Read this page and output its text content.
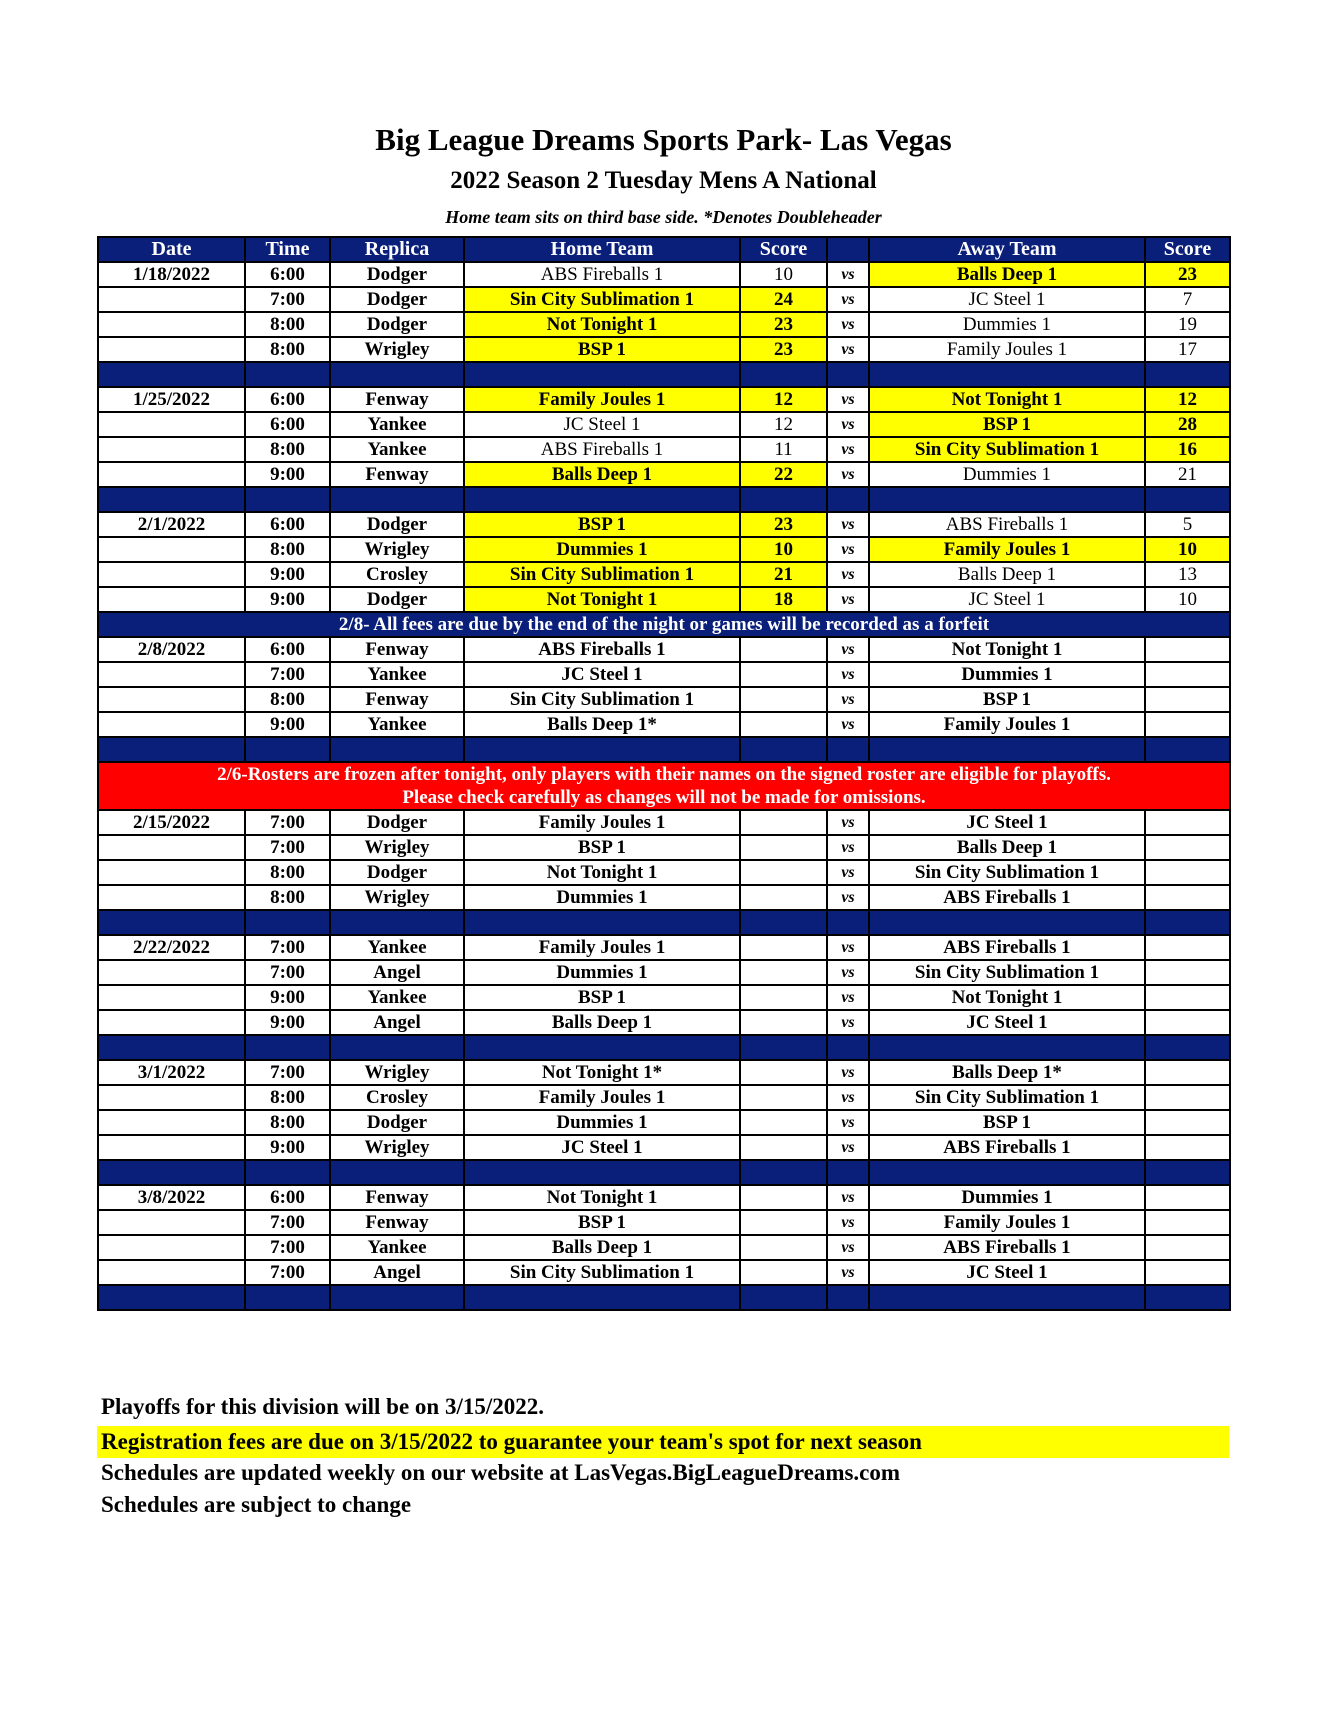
Big League Dreams Sports Park- Las Vegas
2022 Season 2 Tuesday Mens A National
Home team sits on third base side. *Denotes Doubleheader
Date	Time	Replica	Home Team	Score		Away Team	Score
1/18/2022	6:00	Dodger	ABS Fireballs 1	10	vs	Balls Deep 1	23
	7:00	Dodger	Sin City Sublimation 1	24	vs	JC Steel 1	7
	8:00	Dodger	Not Tonight 1	23	vs	Dummies 1	19
	8:00	Wrigley	BSP 1	23	vs	Family Joules 1	17

1/25/2022	6:00	Fenway	Family Joules 1	12	vs	Not Tonight 1	12
	6:00	Yankee	JC Steel 1	12	vs	BSP 1	28
	8:00	Yankee	ABS Fireballs 1	11	vs	Sin City Sublimation 1	16
	9:00	Fenway	Balls Deep 1	22	vs	Dummies 1	21

2/1/2022	6:00	Dodger	BSP 1	23	vs	ABS Fireballs 1	5
	8:00	Wrigley	Dummies 1	10	vs	Family Joules 1	10
	9:00	Crosley	Sin City Sublimation 1	21	vs	Balls Deep 1	13
	9:00	Dodger	Not Tonight 1	18	vs	JC Steel 1	10
2/8- All fees are due by the end of the night or games will be recorded as a forfeit							
2/8/2022	6:00	Fenway	ABS Fireballs 1		vs	Not Tonight 1	
	7:00	Yankee	JC Steel 1		vs	Dummies 1	
	8:00	Fenway	Sin City Sublimation 1		vs	BSP 1	
	9:00	Yankee	Balls Deep 1*		vs	Family Joules 1	

2/6-Rosters are frozen after tonight, only players with their names on the signed roster are eligible for playoffs.
Please check carefully as changes will not be made for omissions.							

2/15/2022	7:00	Dodger	Family Joules 1		vs	JC Steel 1	
	7:00	Wrigley	BSP 1		vs	Balls Deep 1	
	8:00	Dodger	Not Tonight 1		vs	Sin City Sublimation 1	
	8:00	Wrigley	Dummies 1		vs	ABS Fireballs 1	

2/22/2022	7:00	Yankee	Family Joules 1		vs	ABS Fireballs 1	
	7:00	Angel	Dummies 1		vs	Sin City Sublimation 1	
	9:00	Yankee	BSP 1		vs	Not Tonight 1	
	9:00	Angel	Balls Deep 1		vs	JC Steel 1	

3/1/2022	7:00	Wrigley	Not Tonight 1*		vs	Balls Deep 1*	
	8:00	Crosley	Family Joules 1		vs	Sin City Sublimation 1	
	8:00	Dodger	Dummies 1		vs	BSP 1	
	9:00	Wrigley	JC Steel 1		vs	ABS Fireballs 1	

3/8/2022	6:00	Fenway	Not Tonight 1		vs	Dummies 1	
	7:00	Fenway	BSP 1		vs	Family Joules 1	
	7:00	Yankee	Balls Deep 1		vs	ABS Fireballs 1	
	7:00	Angel	Sin City Sublimation 1		vs	JC Steel 1	

Playoffs for this division will be on 3/15/2022.
Registration fees are due on 3/15/2022 to guarantee your team's spot for next season
Schedules are updated weekly on our website at LasVegas.BigLeagueDreams.com
Schedules are subject to change
